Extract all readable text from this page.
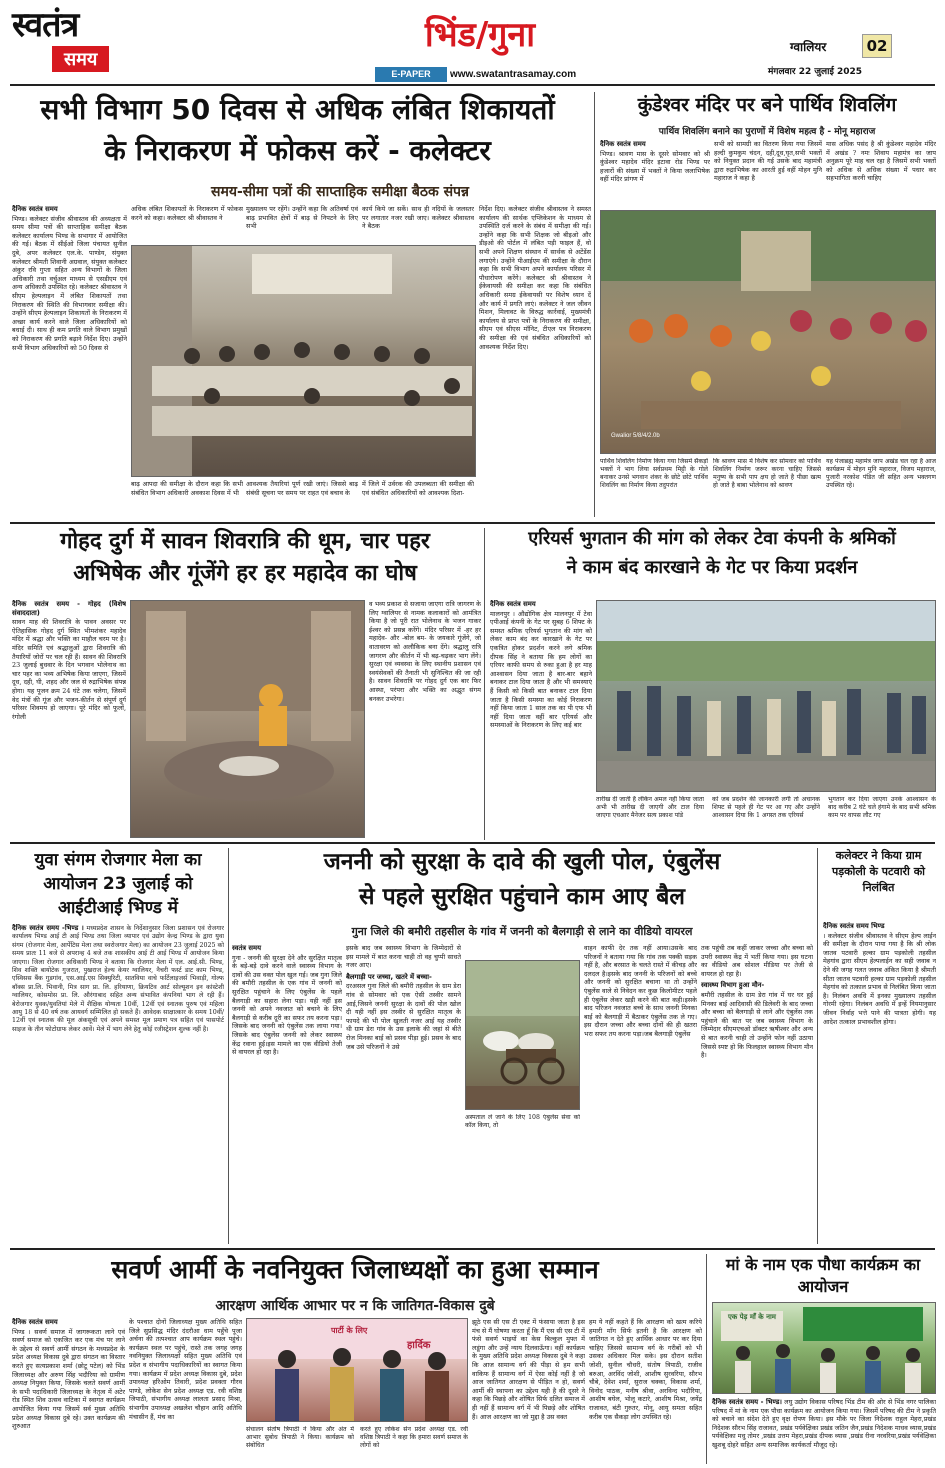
स्वतंत्र
समय
भिंड/गुना
E-PAPER	www.swatantrasamay.com
ग्वालियर	02
मंगलवार 22 जुलाई 2025
सभी विभाग 50 दिवस से अधिक लंबित शिकायतों
के निराकरण में फोकस करें - कलेक्टर
समय-सीमा पत्रों की साप्ताहिक समीक्षा बैठक संपन्न
दैनिक स्वतंत्र समय
भिण्ड। कलेक्टर संजीव श्रीवास्तव की अध्यक्षता में समय सीमा पत्रों की साप्ताहिक समीक्षा बैठक कलेक्टर कार्यालय भिण्ड के सभागार में आयोजित की गई। बैठक में सीईओ जिला पंचायत सुनील दुबे, अपर कलेक्टर एल.के. पाण्डेय, संयुक्त कलेक्टर श्रीमती शिवानी अग्रवाल, संयुक्त कलेक्टर अंकुर रवि गुप्ता सहित अन्य विभागों के जिला अधिकारी तथा वर्चुअल माध्यम से एसडीएम एवं अन्य अधिकारी उपस्थित रहे। कलेक्टर श्रीवास्तव ने सीएम हेल्पलाइन में लंबित शिकायतों तथा निराकरण की स्थिति की विभागवार समीक्षा की। उन्होंने सीएम हेल्पलाइन शिकायतों के निराकरण में अच्छा कार्य करने वाले जिला अधिकारियों को बधाई दी। साथ ही कम प्रगति वाले विभाग प्रमुखों को निराकरण की प्रगति बढ़ाने निर्देश दिए। उन्होंने सभी विभाग अधिकारियों को 50 दिवस से
अधिक लंबित शिकायतों के निराकरण में फोकस करने को कहा। कलेक्टर श्री श्रीवास्तव ने
मुख्यालय पर रहेंगे। उन्होंने कहा कि अतिवर्षा एवं बाढ़ प्रभावित क्षेत्रों में बाढ़ से निपटने के लिए सभी
कार्य किये जा सकें। साथ ही नदियों के जलस्तर पर लगातार नजर रखी जाए। कलेक्टर श्रीवास्तव ने बैठक
बाढ़ आपदा की समीक्षा के दौरान कहा कि सभी संबंधित विभाग अधिकारी अवकाश दिवस में भी
आवश्यक तैयारियां पूर्ण रखी जाएं। जिससे बाढ़ संबंधी सूचना पर समय पर राहत एवं बचाव के
में जिले में उर्वरक की उपलब्धता की समीक्षा की एवं संबंधित अधिकारियों को आवश्यक दिशा-
निर्देश दिए। कलेक्टर संजीव श्रीवास्तव ने समस्त कार्यालय की सार्थक एप्लिकेशन के माध्यम से उपस्थिति दर्ज करने के संबंध में समीक्षा की गई। उन्होंने कहा कि सभी शिक्षक जो बीइओ और डीइओ की पोर्टल में लंबित पड़ी फाइल हैं, वो सभी अपने शिक्षण संस्थान में सार्थक से अटेंडेंस लगाएंगे। उन्होंने पीआईएम की समीक्षा के दौरान कहा कि सभी विभाग अपने कार्यालय परिसर में पौधारोपण करेंगे। कलेक्टर श्री श्रीवास्तव ने ईकेवायसी की समीक्षा कर कहा कि संबंधित अधिकारी समग्र ईकेवायसी पर विशेष ध्यान दें और कार्य में प्रगति लाएं। कलेक्टर ने जल जीवन मिशन, मिलावट के विरुद्ध कार्रवाई, मुख्यमंत्री कार्यालय से प्राप्त पत्रों के निराकरण की समीक्षा, सीएम एवं सीएस मॉनिट, टीएल पत्र निराकरण की समीक्षा की एवं संबंधित अधिकारियों को आवश्यक निर्देश दिए।
कुंडेश्वर मंदिर पर बने पार्थिव शिवलिंग
पार्थिव शिवलिंग बनाने का पुराणों में विशेष महत्व है - मोनू महाराज
दैनिक स्वतंत्र समय
भिण्ड। श्रावण मास के दूसरे सोमवार को श्री कुंडेश्वर महादेव मंदिर इटावा रोड भिण्ड पर हजारों की संख्या में भक्तों ने किया जलाभिषेक वहीं मंदिर प्रांगण में
सभी को सामग्री का वितरण किया गया जिसमें हल्दी कुमकुम चंदन, दही,दूध,घृत,सभी भक्तों को नियुक्त प्रदान की गई उसके बाद महामंत्री द्वारा रुद्राभिषेक का आरती हुई वहीं मोहन मुनि महाराज ने कहा है
मास अधिक पसंद है श्री कुंडेश्वर महादेव मंदिर में अखंड ? नमः शिवाय महामंत्र का जाप अनुक्रम पूरे माह चल रहा है जिसमें सभी भक्तों को अधिक से अधिक संख्या में पधार कर सहभागिता करनी चाहिए
Gwalior 5/8/4/2.0b
पार्थिव शिवलिंग निर्माण किया गया जिसमें सैकड़ों भक्तों ने भाग लिया सर्वप्रथम मिट्टी के गोले बनाकर उनसे भगवान शंकर के छोटे छोटे पार्थिव शिवलिंग का निर्माण किया तदुपरांत
कि श्रावण मास में विशेष कर सोमवार को पार्थिव शिवलिंग निर्माण जरूर करना चाहिए जिससे मनुष्य के सभी पाप क्षय हो जाते है पीछा खत्म हो जाते है बाबा भोलेनाथ को श्रावण
यह पंजाब्रह्म महामंत्र जाप अखंड चल रहा है आज कार्यक्रम में मोहन मुनि महाराज, विजय महाराज, पुजारी नरकोश पंडित जी सहित अन्य भक्तगण उपस्थित रहे।
गोहद दुर्ग में सावन शिवरात्रि की धूम, चार पहर
अभिषेक और गूंजेंगे हर हर महादेव का घोष
दैनिक स्वतंत्र समय - गोहद (विशेष संवाददाता)
सावन माह की शिवरात्रि के पावन अवसर पर ऐतिहासिक गोहद दुर्ग स्थित भीमशंकर महादेव मंदिर में श्रद्धा और भक्ति का माहौल चरम पर है। मंदिर समिति एवं श्रद्धालुओं द्वारा शिवरात्रि की तैयारियाँ जोरों पर चल रही हैं। सावन की शिवरात्रि 23 जुलाई बुधवार के दिन भगवान भोलेनाथ का चार पहर का भव्य अभिषेक किया जाएगा, जिसमें दूध, दही, घी, शहद और जल से रुद्राभिषेक संपन्न होगा। यह पूजन क्रम 24 घंटे तक चलेगा, जिसमें वेद मंत्रों की गूंज और भजन-कीर्तन से संपूर्ण दुर्ग परिसर शिवमय हो जाएगा। पूरे मंदिर को फूलों, रंगोली
व भव्य प्रकाश से सजाया जाएगा रात्रि जागरण के लिए ग्वालियर से नामक कलाकारों को आमंत्रित किया है जो पूरी रात भोलेनाथ के भजन गाकर ईश्वर को प्रसन्न करेंगे। मंदिर परिसर में -हर हर महादेव- और -बोल बम- के जयकारे गूंजेंगे, जो वातावरण को अलौकिक बना देंगे। श्रद्धालु रात्रि जागरण और कीर्तन में भी बढ़-चढ़कर भाग लेंगे। सुरक्षा एवं व्यवस्था के लिए स्थानीय प्रशासन एवं स्वयंसेवकों की तैनाती भी सुनिश्चित की जा रही है। सावन शिवरात्रि पर गोहद दुर्ग एक बार फिर आस्था, परंपरा और भक्ति का अद्भुत संगम बनकर उभरेगा।
एरियर्स भुगतान की मांग को लेकर टेवा कंपनी के श्रमिकों
ने काम बंद कारखाने के गेट पर किया प्रदर्शन
दैनिक स्वतंत्र समय
मालनपुर । औद्योगिक क्षेत्र मालनपुर में टेवा एपीआई कंपनी के गेट पर सुबह 6 शिफ्ट के समस्त श्रमिक एरियर्स भुगतान की मांग को लेकर काम बंद कर कारखाने के गेट पर एकत्रित होकर प्रदर्शन करने लगे श्रमिक दीपक सिंह ने बताया कि हम लोगों का एरियर काफी समय से रुका हुआ है हर माह आश्वासन दिया जाता है बार-बार बहाने बनाकर टाल दिया जाता है और भी समस्याएं हैं किसी को किसी बात बनाकर टाल दिया जाता है किसी समस्या का कोई निराकरण नहीं किया जाता 1 साल तक का पी एफ भी नहीं दिया जाता वहीं बार एरियर्स और समस्याओं के निराकरण के लिए कई बार
तारीख दी जाती है लेकिन अमल नहीं किया जाता अभी भी तारीख दी जाएगी और टाल दिया जाएगा एचआर मैनेजर सत्य प्रकाश पांडे
को जब प्रदर्शन की जानकारी लगी तो अचानक शिफ्ट से पहले ही गेट पर आ गए और उन्होंने आश्वासन दिया कि 1 अगस्त तक एरियर्स
भुगतान कर दिया जाएगा उनके आश्वासन के बाद करीब 2 घंटे चले हंगामे के बाद सभी श्रमिक काम पर वापस लौट गए
युवा संगम रोजगार मेला का आयोजन 23 जुलाई को आईटीआई भिण्ड में
दैनिक स्वतंत्र समय -भिण्ड । मध्यप्रदेश शासन के निर्देशानुसार जिला प्रशासन एवं रोजगार कार्यालय भिण्ड आई टी आई भिण्ड तथा जिला व्यापार एवं उद्योग केन्द्र भिण्ड के द्वारा युवा संगम (रोजगार मेला, आर्पेटिस मेला तथा स्वरोजगार मेला) का आयोजन 23 जुलाई 2025 को समय प्रातः 11 बजे से अपरान्ह 4 बजे तक शासकीय आई टी आई भिण्ड में आयोजन किया जाएगा। जिला रोजगार अधिकारी भिण्ड ने बताया कि रोजगार मेला में एल. आई.सी. भिण्ड, शिव शक्ति बायोटेक गुजरात, पुखराज हेल्थ केयर ग्वालियर, नैचरी फर्स्ट डाट काम भिण्ड, एस्विसस बैंक गुडगांव, एस.आई.एस सिक्युरिटी, सातविया वाचे फर्टिलाइजर्स भिवाड़ी, गोल्फ बॉक्स प्रा.लि. भिवानी, मित्र साग प्रा. लि. हरियाणा, क्रियटिव आर्ट सोल्यूशन इन कांस्टेशी ग्वालियर, कोसमोस प्रा. लि. औरंगाबाद सहित अन्य संभावित कंपनियां भाग ले रही हैं। बेरोजगार युवक/युवतियां मेले में शैक्षिक योग्यता 10वीं, 12वीं एवं स्नातक पुरुष एवं महिला आयु 18 से 40 वर्ष तक आयवर्ग सम्मिलित हो सकते हैं। आवेदक साक्षात्कार के समय 10वीं/ 12वीं एवं स्नातक की मूल अंकसूची एवं अपने समस्त मूल प्रमाण पत्र सहित एवं पासपोर्ट साइज के तीन फोटोग्राफ लेकर आवें। मेले में भाग लेने हेतु कोई रजीस्ट्रेशन शुल्क नहीं है।
जननी को सुरक्षा के दावे की खुली पोल, एंबुलेंस
से पहले सुरक्षित पहुंचाने काम आए बैल
गुना जिले की बमौरी तहसील के गांव में जननी को बैलगाड़ी से लाने का वीडियो वायरल
स्वतंत्र समय
गुना - जननी की सुरक्षा देने और सुरक्षित मातृत्व के बड़े-बड़े दावे करने वाले स्वास्थ्य विभाग के दावों की उस वक्त पोल खुल गई। जब गुना जिले की बमौरी तहसील के एक गांव में जननी को सुरक्षित पहुंचाने के लिए एंबुलेंस के पहले बैलगाड़ी का सहारा लेना पड़ा। यही नहीं इस जननी को अपने नवजात को बचाने के लिए बैलगाड़ी से करीब दूरी का सफर तय करना पड़ा।जिसके बाद जननी को एंबुलेंस तक लाया गया। जिसके बाद एंबुलेंस जननी को लेकर स्वास्थ्य केंद्र रवाना हुई।इस मामले का एक वीडियो तेजी से वायरल हो रहा है।
इसके बाद जब स्वास्थ्य विभाग के जिम्मेदारों से इस मामले में बात करना चाही तो वह चुप्पी साधते नजर आए।
बैलगाड़ी पर जच्चा, खतरे में बच्चा-
दरअसल गुना जिले की बमौरी तहसील के ग्राम डेरा गांव से सोमवार को एक ऐसी तस्वीर सामने आई,जिसने जननी सुरक्षा के दावों की पोल खोल दी यही नहीं इस तस्वीर से सुरक्षित मातृत्व के फायदे की भी पोल खुलती नजर आई यह तस्वीर थी ग्राम डेरा गांव के उस इलाके की जहां से बीते रोज मिनका बाई को प्रसव पीड़ा हुई। प्रसव के बाद जब उसे परिजनों ने उसे
अस्पताल ले जाने के लिए 108 एंबुलेंस सेवा को कॉल किया, तो
वाहन काफी देर तक नहीं आया।उसके बाद परिजनों ने बताया गया कि गांव तक पक्की सड़क नहीं है, और बरसात के चलते रास्ते में कीचड़ और दलदल है।इसके बाद जननी के परिजनों को बच्चे और जननी को सुरक्षित बचाना था तो उन्होंने एंबुलेंस वाले से निवेदन कर कुछ किलोमीटर पहले ही एंबुलेंस लेकर खड़ी करने की बात कही।इसके बाद परिजन नवजात बच्चे के साथ जननी मिनका बाई को बैलगाड़ी में बैठाकर एंबुलेंस तक ले गए। इस दौरान जच्चा और बच्चा दोनों की ही खतरा भरा सफर तय करना पड़ा।जब बैलगाड़ी एंबुलेंस
तक पहुंची तब कहीं जाकर जच्चा और बच्चा को उपरी स्वास्थ्य केंद्र में भर्ती किया गया। इस घटना का वीडियो अब सोशल मीडिया पर तेजी से वायरल हो रहा है।
स्वास्थ्य विभाग हुआ मौन-
बमौरी तहसील के ग्राम डेरा गांव में घर घर हुई मिनका बाई आदिवासी की डिलेवरी के बाद जच्चा और बच्चा को बैलगाड़ी से लाने और एंबुलेंस तक पहुंचाने की बात पर जब स्वास्थ्य विभाग के जिम्मेदार सीएमएचओ डॉक्टर ऋषीश्वर और अन्य से बात करनी चाही तो उन्होंने फोन नहीं उठाया जिससे स्पष्ट हो कि फिलहाल स्वास्थ्य विभाग मौन है।
कलेक्टर ने किया ग्राम पड़कोली के पटवारी को निलंबित
दैनिक स्वतंत्र समय भिण्ड
। कलेक्टर संजीव श्रीवास्तव ने सीएम हेल्प लाईन की समीक्षा के दौरान पाया गया है कि श्री लोक जातव पटवारी हल्का ग्राम पड़कोली तहसील मेहगांव द्वारा सीएम हेल्पलाईन का सही जवाब न देने की जगह गलत जवाब अंकित किया है श्रीमती सीता जातव पटवारी हल्का ग्राम पड़कोली तहसील मेहगांव को तत्काल प्रभाव से निलंबित किया जाता है। निलंबन अवधि में इनका मुख्यालय तहसील गोरमी रहेगा। निलंबन अवधि में इन्हें नियमानुसार जीवन निर्वाह भत्ते पाने की पात्रता होगी। यह आदेश तत्काल प्रभावशील होगा।
सवर्ण आर्मी के नवनियुक्त जिलाध्यक्षों का हुआ सम्मान
आरक्षण आर्थिक आभार पर न कि जातिगत-विकास दुबे
दैनिक स्वतंत्र समय
भिण्ड । सवर्ण समाज में जागरूकता लाने एवं सवर्ण समाज को एकजित कर एक मंच पर लाने के उद्देश्य से सवर्ण आर्मी संगठन के मध्यप्रदेश के प्रदेश अध्यक्ष विकास दुबे द्वारा संगठन का विस्तार करते हुए सत्यप्रकाश शर्मा (छोटू पटेल) को भिंड जिलाध्यक्ष और अरुण सिंह भदौरिया को ग्रामीण अध्यक्ष नियुक्त किया, जिसके चलते सवर्ण आर्मी के सभी पदाधिकारी जिलाध्यक्ष के नेतृत्व में अटेर रोड स्थित शिव उत्सव वाटिका में स्वागत कार्यक्रम आयोजित किया गया जिसमें सर्व मुख्य अतिथि प्रदेश अध्यक्ष विकास दुबे रहे। उक्त कार्यक्रम की शुरुआत
के पश्चात दोनों जिलाध्यक्ष मुख्य अतिथि सहित जिले सुप्रसिद्ध मंदिर दंदरौआ धाम पहुँचे पूजा अर्चना की तत्पश्चात आप कार्यक्रम स्थल पहुंचे। कार्यक्रम स्थल पर पहुंचे, रास्ते तक जगह जगह नवनियुक्त जिलाध्यक्षों सहित मुख्य अतिथि एवं प्रदेश व संभागीय पदाधिकारियों का स्वागत किया गया। कार्यक्रम में प्रदेश अध्यक्ष विकास दुबे, प्रदेश उपाध्यक्ष हरिओम तिवारी, प्रदेश प्रवक्ता गौरव पाण्डे, लोकेश सेन प्रदेश अध्यक्ष एड. रवी वशिष्ठ जिपाठी, संभागीय अध्यक्ष लालता प्रसाद मिश्रा, संभागीय उपाध्यक्ष अखलेश चौहान आदि अतिथि मंचासीन हैं, मंच का
पार्टी के लिए
हार्दिक
संचालन संतोष त्रिपाठी ने किया और अंत में आभार सुबोध त्रिपाठी ने किया। कार्यक्रम को संबोधित
करते हुए लोकेश सेन प्रदेश अध्यक्ष एड. रवी वशिष्ठ त्रिपाठी ने कहा कि हमारा सवर्ण समाज के लोगों को
झूठे एस सी एस टी एक्ट में फंसाया जाता है इस मंच से मैं घोषणा करता हूँ कि मैं एस सी एस टी में फंसे सवर्ण भाइयों का केस बिल्कुल मुफ्त में लडूंगा और उन्हें न्याय दिलवाऊँगा। वहीं कार्यक्रम के मुख्य अतिथि प्रदेश अध्यक्ष विकास दुबे ने कहा कि आज सामान्य वर्ग की पीड़ा से हम सभी वाकिफ हैं सामान्य वर्ग में ऐसा कोई नहीं है जो आज जातिगत आरक्षण से पीड़ित न हो, सवर्ण आर्मी की स्थापना का उद्देश्य यही है की दूसरे ने कहा कि पिछड़े और शोषित सिर्फ दलित समाज में ही नहीं हैं सामान्य वर्ग में भी पिछड़े और शोषित हैं। आज आरक्षण का जो मुद्दा है उस वक्त
हम ये नहीं कहते हैं कि आरक्षण को खत्म करिये हमारी माँग सिर्फ इतनी है कि आरक्षण को जातिगत न देते हुए आर्थिक आधार पर कर दिया चाहिए जिससे सामान्य वर्ग के गरीबों को भी उसका अधिकार मिल सके। इस दौरान सतीश जोशी, सुनील चौधरी, संतोष त्रिपाठी, राजीव बरुआ, अरविंद जोशी, आशीष सुरवरिया, सौरभ चौबे, देवेश शर्मा, सुराज चक्का, विकास शर्मा, विनोद पाठक, मनीष श्रीवा, अरविन्द भदौरिया, आशीष बघेल, भोलू कटारे, आशीष मिश्रा, जयेंद्र राजावत, बंटी गुरुतर, मोनू, आयु समता सहित करीब एक सैकड़ा लोग उपस्थित रहे।
मां के नाम एक पौधा कार्यक्रम का आयोजन
एक पेड़ माँ के नाम
दैनिक स्वतंत्र समय - भिण्ड। लघु उद्योग विकास परिषद भिंड टीम की ओर से भिंड नगर पालिका परिषद में मां के नाम एक पौधा कार्यक्रम का आयोजन किया गया। जिसमें परिषद की टीम ने प्रकृति को बचाने का संदेश देते हुए वृक्ष रोपण किया। इस मौके पर जिला निदेशक राहुल मेहरा,प्रखंड निदेशक सौरभ सिंह राजावत, प्रखंड पर्यवेक्षिका प्रखंड जतिन जैन,प्रखंड निदेशक माधव व्यास,प्रखंड पर्यवेक्षिका मधु तोमर ,प्रखंड उत्तम मेहरा,प्रखंड दीपक व्यास ,प्रखंड रीना नरवरिया,प्रखंड पर्यवेक्षिका खुशबू दोहरे सहित अन्य समाजिक कार्यकर्ता मौजूद रहे।
